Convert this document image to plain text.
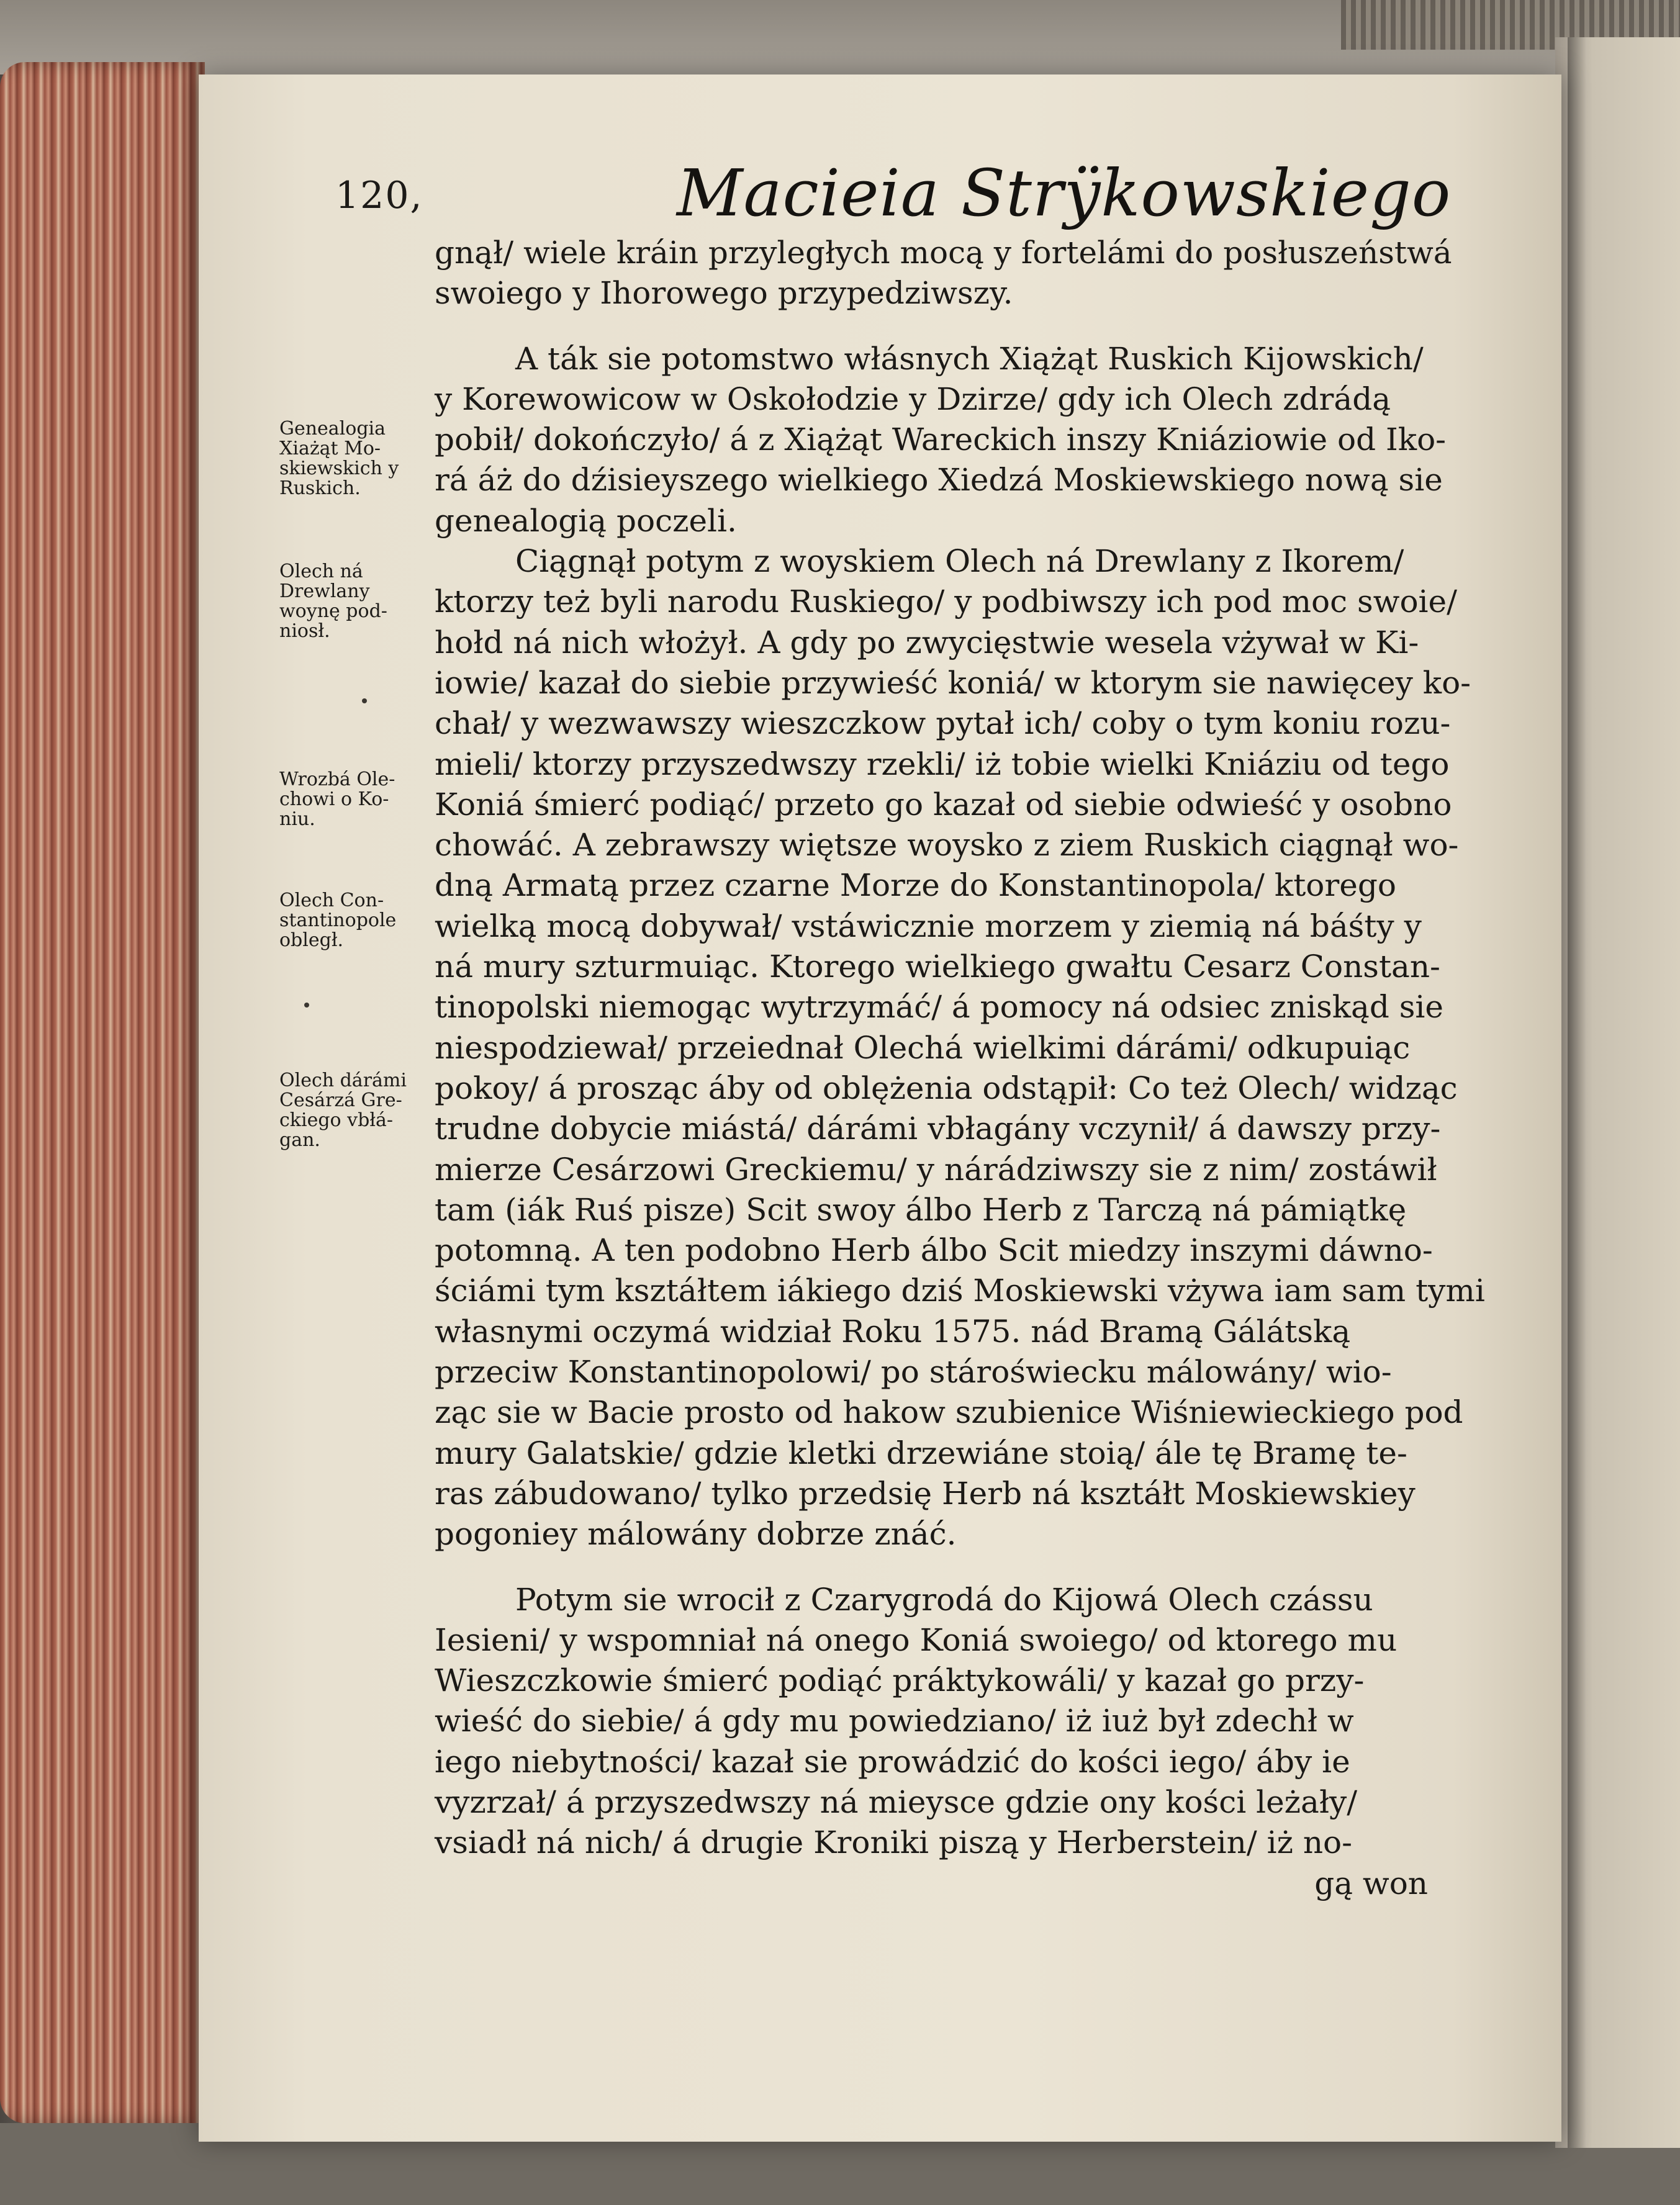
120,	Macieia Strÿkowskiego
gnął/ wiele kráin przyległych mocą y fortelámi do posłuszeństwá
swoiego y Ihorowego przypedziwszy.
A ták sie potomstwo włásnych Xiążąt Ruskich Kijowskich/
y Korewowicow w Oskołodzie y Dzirze/ gdy ich Olech zdrádą
pobił/ dokończyło/ á z Xiążąt Wareckich inszy Kniáziowie od Iko-
rá áż do dźisieyszego wielkiego Xiedzá Moskiewskiego nową sie
genealogią poczeli.
Ciągnął potym z woyskiem Olech ná Drewlany z Ikorem/
ktorzy też byli narodu Ruskiego/ y podbiwszy ich pod moc swoie/
hołd ná nich włożył. A gdy po zwycięstwie wesela vżywał w Ki-
iowie/ kazał do siebie przywieść koniá/ w ktorym sie nawięcey ko-
chał/ y wezwawszy wieszczkow pytał ich/ coby o tym koniu rozu-
mieli/ ktorzy przyszedwszy rzekli/ iż tobie wielki Kniáziu od tego
Koniá śmierć podiąć/ przeto go kazał od siebie odwieść y osobno
chowáć. A zebrawszy więtsze woysko z ziem Ruskich ciągnął wo-
dną Armatą przez czarne Morze do Konstantinopola/ ktorego
wielką mocą dobywał/ vstáwicznie morzem y ziemią ná báśty y
ná mury szturmuiąc. Ktorego wielkiego gwałtu Cesarz Constan-
tinopolski niemogąc wytrzymáć/ á pomocy ná odsiec zniskąd sie
niespodziewał/ przeiednał Olechá wielkimi dárámi/ odkupuiąc
pokoy/ á prosząc áby od oblężenia odstąpił: Co też Olech/ widząc
trudne dobycie miástá/ dárámi vbłagány vczynił/ á dawszy przy-
mierze Cesárzowi Greckiemu/ y nárádziwszy sie z nim/ zostáwił
tam (iák Ruś pisze) Scit swoy álbo Herb z Tarczą ná pámiątkę
potomną. A ten podobno Herb álbo Scit miedzy inszymi dáwno-
ściámi tym ksztáłtem iákiego dziś Moskiewski vżywa iam sam tymi
własnymi oczymá widział Roku 1575. nád Bramą Gálátską
przeciw Konstantinopolowi/ po stároświecku málowány/ wio-
ząc sie w Bacie prosto od hakow szubienice Wiśniewieckiego pod
mury Galatskie/ gdzie kletki drzewiáne stoią/ ále tę Bramę te-
ras zábudowano/ tylko przedsię Herb ná ksztáłt Moskiewskiey
pogoniey málowány dobrze znáć.
Potym sie wrocił z Czarygrodá do Kijowá Olech czássu
Iesieni/ y wspomniał ná onego Koniá swoiego/ od ktorego mu
Wieszczkowie śmierć podiąć práktykowáli/ y kazał go przy-
wieść do siebie/ á gdy mu powiedziano/ iż iuż był zdechł w
iego niebytności/ kazał sie prowádzić do kości iego/ áby ie
vyzrzał/ á przyszedwszy ná mieysce gdzie ony kości leżały/
vsiadł ná nich/ á drugie Kroniki piszą y Herberstein/ iż no-
gą won
Genealogia
Xiażąt Mo-
skiewskich y
Ruskich.
Olech ná
Drewlany
woynę pod-
niosł.
Wrozbá Ole-
chowi o Ko-
niu.
Olech Con-
stantinopole
obległ.
Olech dárámi
Cesárzá Gre-
ckiego vbłá-
gan.
